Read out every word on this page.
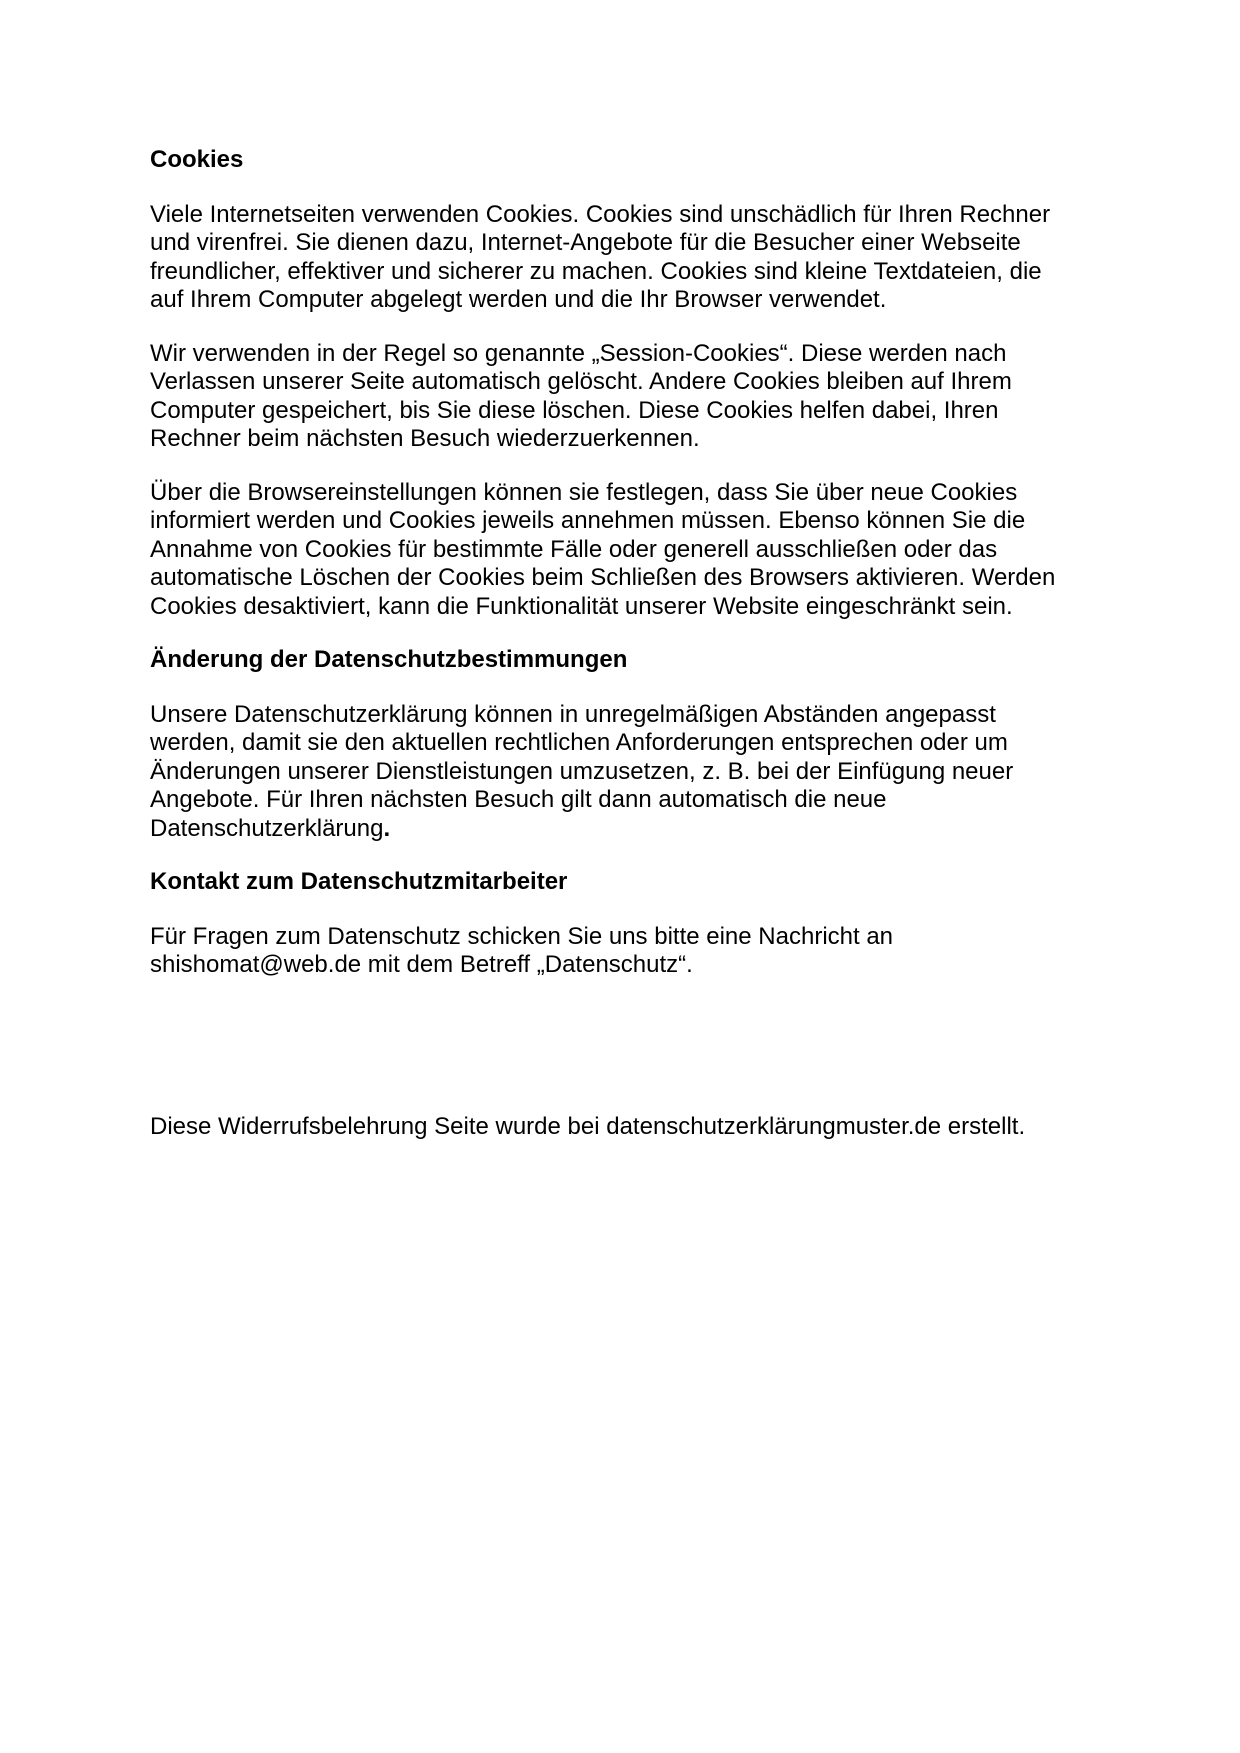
Cookies
Viele Internetseiten verwenden Cookies. Cookies sind unschädlich für Ihren Rechner
und virenfrei. Sie dienen dazu, Internet-Angebote für die Besucher einer Webseite
freundlicher, effektiver und sicherer zu machen. Cookies sind kleine Textdateien, die
auf Ihrem Computer abgelegt werden und die Ihr Browser verwendet.
Wir verwenden in der Regel so genannte „Session-Cookies“. Diese werden nach
Verlassen unserer Seite automatisch gelöscht. Andere Cookies bleiben auf Ihrem
Computer gespeichert, bis Sie diese löschen. Diese Cookies helfen dabei, Ihren
Rechner beim nächsten Besuch wiederzuerkennen.
Über die Browsereinstellungen können sie festlegen, dass Sie über neue Cookies
informiert werden und Cookies jeweils annehmen müssen. Ebenso können Sie die
Annahme von Cookies für bestimmte Fälle oder generell ausschließen oder das
automatische Löschen der Cookies beim Schließen des Browsers aktivieren. Werden
Cookies desaktiviert, kann die Funktionalität unserer Website eingeschränkt sein.
Änderung der Datenschutzbestimmungen
Unsere Datenschutzerklärung können in unregelmäßigen Abständen angepasst
werden, damit sie den aktuellen rechtlichen Anforderungen entsprechen oder um
Änderungen unserer Dienstleistungen umzusetzen, z. B. bei der Einfügung neuer
Angebote. Für Ihren nächsten Besuch gilt dann automatisch die neue
Datenschutzerklärung.
Kontakt zum Datenschutzmitarbeiter
Für Fragen zum Datenschutz schicken Sie uns bitte eine Nachricht an
shishomat@web.de mit dem Betreff „Datenschutz“.
Diese Widerrufsbelehrung Seite wurde bei datenschutzerklärungmuster.de erstellt.
